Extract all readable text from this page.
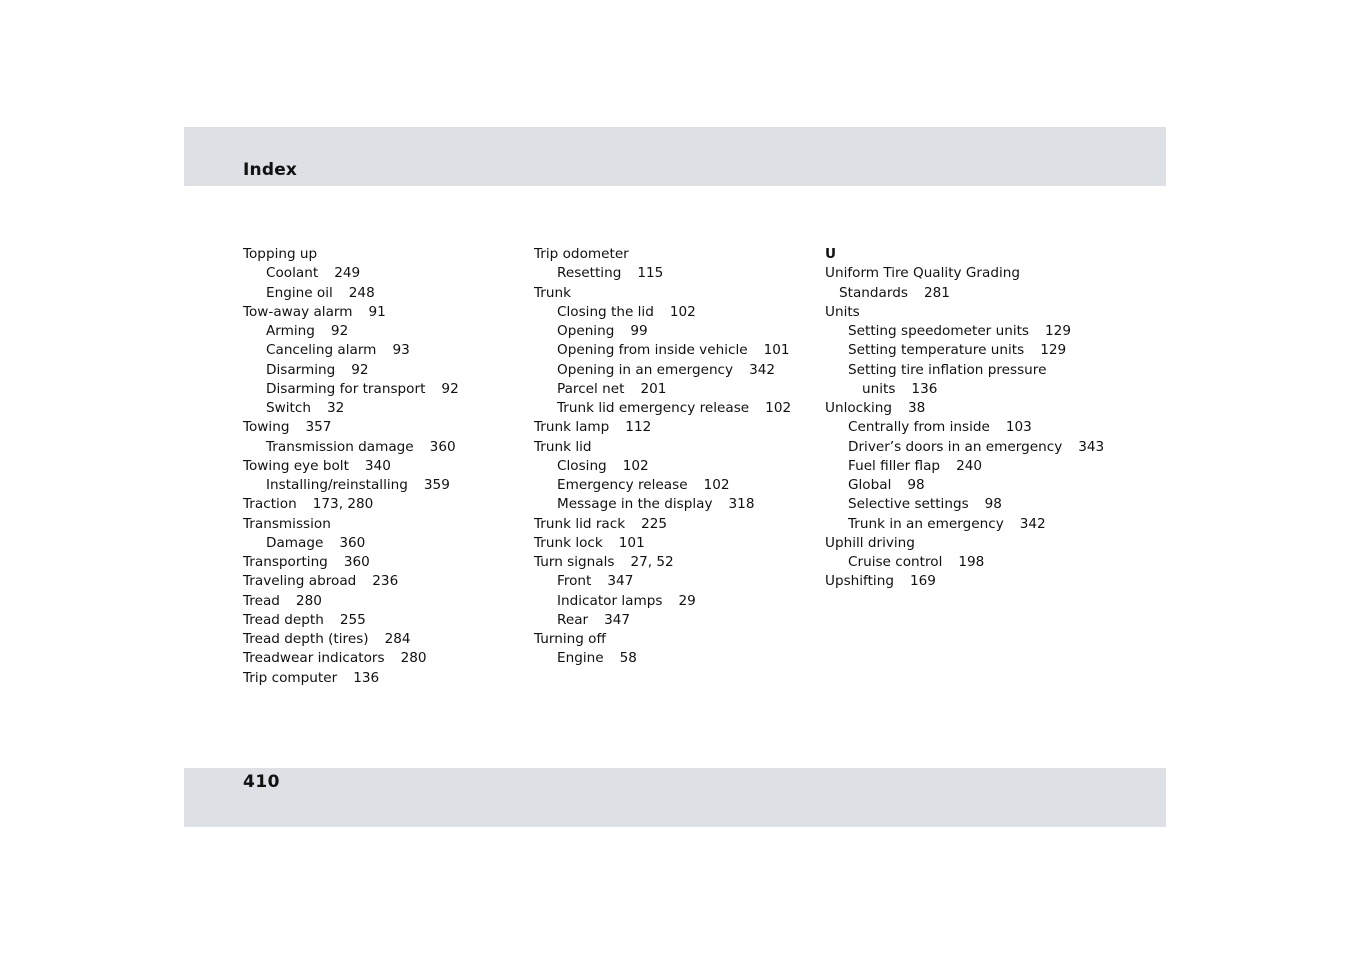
Index
Topping up
Coolant 249
Engine oil 248
Tow-away alarm 91
Arming 92
Canceling alarm 93
Disarming 92
Disarming for transport 92
Switch 32
Towing 357
Transmission damage 360
Towing eye bolt 340
Installing/reinstalling 359
Traction 173, 280
Transmission
Damage 360
Transporting 360
Traveling abroad 236
Tread 280
Tread depth 255
Tread depth (tires) 284
Treadwear indicators 280
Trip computer 136
Trip odometer
Resetting 115
Trunk
Closing the lid 102
Opening 99
Opening from inside vehicle 101
Opening in an emergency 342
Parcel net 201
Trunk lid emergency release 102
Trunk lamp 112
Trunk lid
Closing 102
Emergency release 102
Message in the display 318
Trunk lid rack 225
Trunk lock 101
Turn signals 27, 52
Front 347
Indicator lamps 29
Rear 347
Turning off
Engine 58
U
Uniform Tire Quality Grading
Standards 281
Units
Setting speedometer units 129
Setting temperature units 129
Setting tire inflation pressure
units 136
Unlocking 38
Centrally from inside 103
Driver’s doors in an emergency 343
Fuel filler flap 240
Global 98
Selective settings 98
Trunk in an emergency 342
Uphill driving
Cruise control 198
Upshifting 169
410
